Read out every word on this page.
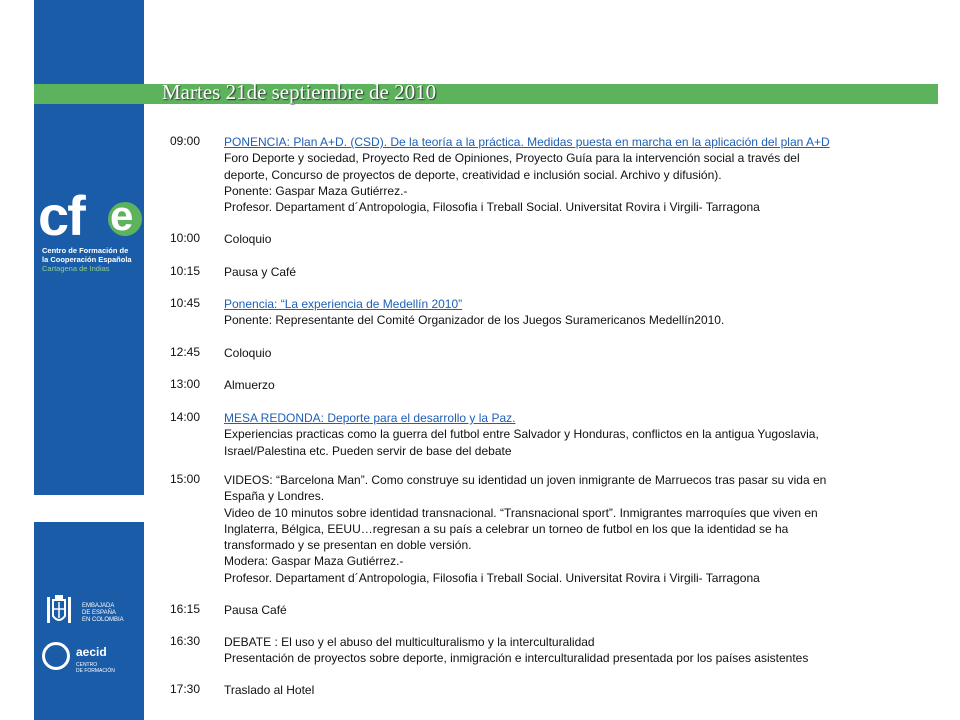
Martes 21de septiembre de 2010
cf e
Centro de Formación de
la Cooperación Española
Cartagena de Indias
EMBAJADA
DE ESPAÑA
EN COLOMBIA
aecid
CENTRO
DE FORMACIÓN
09:00 PONENCIA: Plan A+D. (CSD). De la teoría a la práctica. Medidas puesta en marcha en la aplicación del plan A+D
Foro Deporte y sociedad, Proyecto Red de Opiniones, Proyecto Guía para la intervención social a través del
deporte, Concurso de proyectos de deporte, creatividad e inclusión social. Archivo y difusión).
Ponente: Gaspar Maza Gutiérrez.-
Profesor. Departament d´Antropologia, Filosofia i Treball Social. Universitat Rovira i Virgili- Tarragona
10:00 Coloquio
10:15 Pausa y Café
10:45 Ponencia: “La experiencia de Medellín 2010”
Ponente: Representante del Comité Organizador de los Juegos Suramericanos Medellín2010.
12:45 Coloquio
13:00 Almuerzo
14:00 MESA REDONDA: Deporte para el desarrollo y la Paz.
Experiencias practicas como la guerra del futbol entre Salvador y Honduras, conflictos en la antigua Yugoslavia,
Israel/Palestina etc. Pueden servir de base del debate
15:00 VIDEOS: “Barcelona Man”. Como construye su identidad un joven inmigrante de Marruecos tras pasar su vida en
España y Londres.
Video de 10 minutos sobre identidad transnacional. “Transnacional sport”. Inmigrantes marroquíes que viven en
Inglaterra, Bélgica, EEUU…regresan a su país a celebrar un torneo de futbol en los que la identidad se ha
transformado y se presentan en doble versión.
Modera: Gaspar Maza Gutiérrez.-
Profesor. Departament d´Antropologia, Filosofia i Treball Social. Universitat Rovira i Virgili- Tarragona
16:15 Pausa Café
16:30 DEBATE : El uso y el abuso del multiculturalismo y la interculturalidad
Presentación de proyectos sobre deporte, inmigración e interculturalidad presentada por los países asistentes
17:30 Traslado al Hotel
